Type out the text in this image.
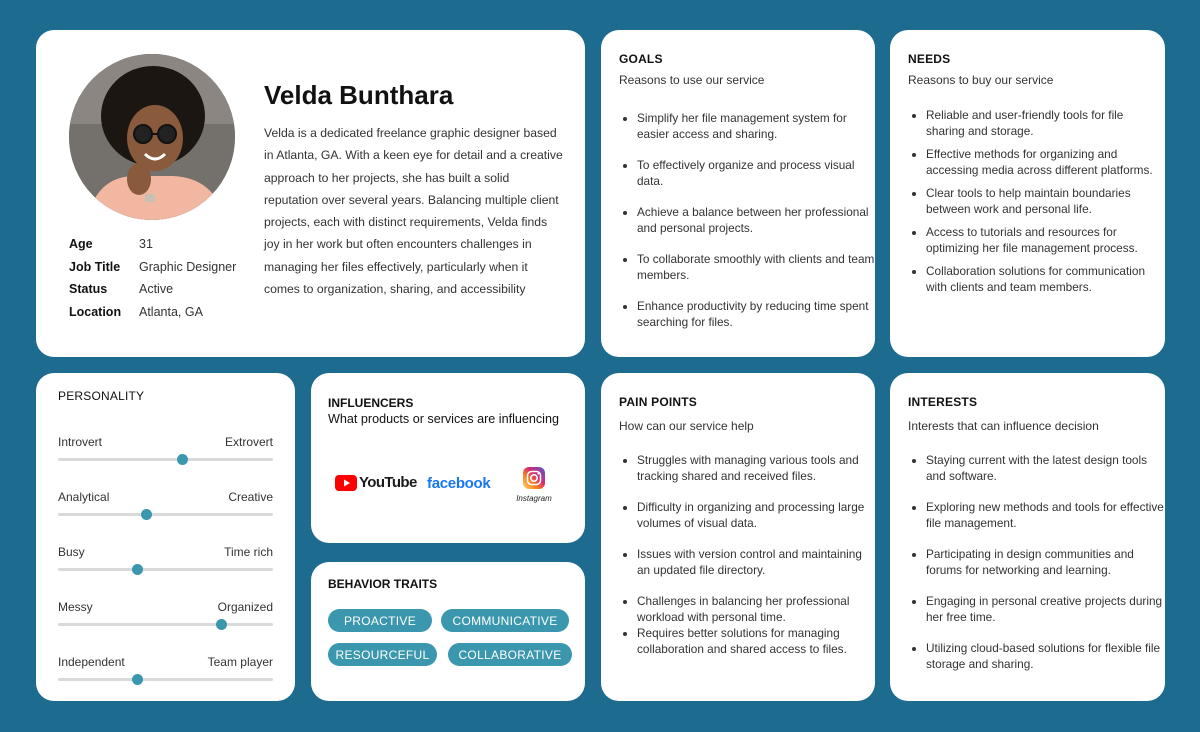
Velda Bunthara

Velda is a dedicated freelance graphic designer based in Atlanta, GA. With a keen eye for detail and a creative approach to her projects, she has built a solid reputation over several years. Balancing multiple client projects, each with distinct requirements, Velda finds joy in her work but often encounters challenges in managing her files effectively, particularly when it comes to organization, sharing, and accessibility

Age	31
Job Title	Graphic Designer
Status	Active
Location	Atlanta, GA
GOALS

Reasons to use our service

• Simplify her file management system for easier access and sharing.
• To effectively organize and process visual data.
• Achieve a balance between her professional and personal projects.
• To collaborate smoothly with clients and team members.
• Enhance productivity by reducing time spent searching for files.
NEEDS

Reasons to buy our service

• Reliable and user-friendly tools for file sharing and storage.
• Effective methods for organizing and accessing media across different platforms.
• Clear tools to help maintain boundaries between work and personal life.
• Access to tutorials and resources for optimizing her file management process.
• Collaboration solutions for communication with clients and team members.
PERSONALITY
Introvert	Extrovert
Analytical	Creative
Busy	Time rich
Messy	Organized
Independent	Team player
INFLUENCERS

What products or services are influencing

YouTube facebook
Instagram
BEHAVIOR TRAITS
PROACTIVE	COMMUNICATIVE
RESOURCEFUL	COLLABORATIVE
PAIN POINTS

How can our service help

• Struggles with managing various tools and tracking shared and received files.
• Difficulty in organizing and processing large volumes of visual data.
• Issues with version control and maintaining an updated file directory.
• Challenges in balancing her professional workload with personal time.
• Requires better solutions for managing collaboration and shared access to files.
INTERESTS

Interests that can influence decision

• Staying current with the latest design tools and software.
• Exploring new methods and tools for effective file management.
• Participating in design communities and forums for networking and learning.
• Engaging in personal creative projects during her free time.
• Utilizing cloud-based solutions for flexible file storage and sharing.
